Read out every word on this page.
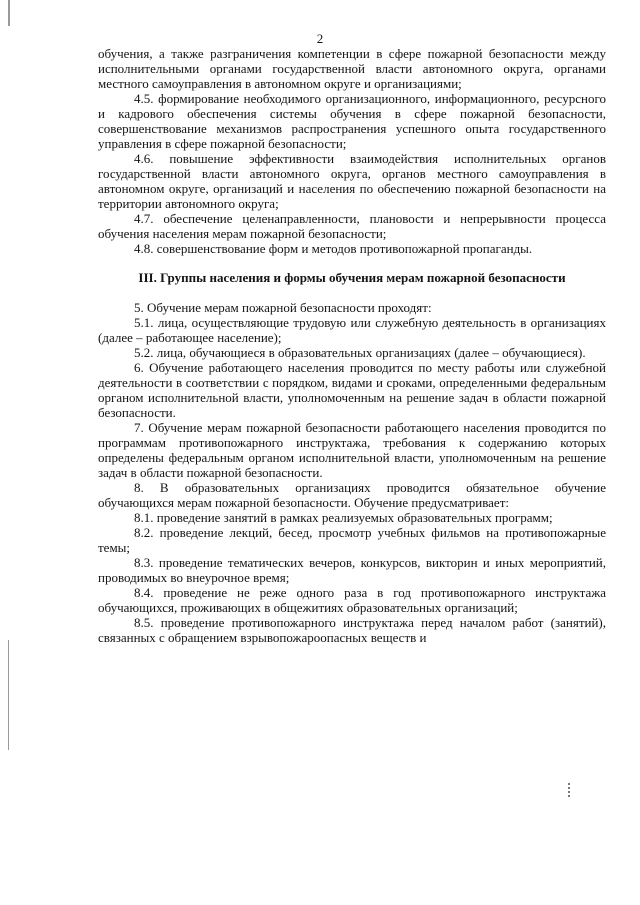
2

обучения, а также разграничения компетенции в сфере пожарной безопасности между исполнительными органами государственной власти автономного округа, органами местного самоуправления в автономном округе и организациями;

4.5. формирование необходимого организационного, информационного, ресурсного и кадрового обеспечения системы обучения в сфере пожарной безопасности, совершенствование механизмов распространения успешного опыта государственного управления в сфере пожарной безопасности;

4.6. повышение эффективности взаимодействия исполнительных органов государственной власти автономного округа, органов местного самоуправления в автономном округе, организаций и населения по обеспечению пожарной безопасности на территории автономного округа;

4.7. обеспечение целенаправленности, плановости и непрерывности процесса обучения населения мерам пожарной безопасности;

4.8. совершенствование форм и методов противопожарной пропаганды.

III. Группы населения и формы обучения мерам пожарной безопасности

5. Обучение мерам пожарной безопасности проходят:

5.1. лица, осуществляющие трудовую или служебную деятельность в организациях (далее – работающее население);

5.2. лица, обучающиеся в образовательных организациях (далее – обучающиеся).

6. Обучение работающего населения проводится по месту работы или служебной деятельности в соответствии с порядком, видами и сроками, определенными федеральным органом исполнительной власти, уполномоченным на решение задач в области пожарной безопасности.

7. Обучение мерам пожарной безопасности работающего населения проводится по программам противопожарного инструктажа, требования к содержанию которых определены федеральным органом исполнительной власти, уполномоченным на решение задач в области пожарной безопасности.

8. В образовательных организациях проводится обязательное обучение обучающихся мерам пожарной безопасности. Обучение предусматривает:

8.1. проведение занятий в рамках реализуемых образовательных программ;

8.2. проведение лекций, бесед, просмотр учебных фильмов на противопожарные темы;

8.3. проведение тематических вечеров, конкурсов, викторин и иных мероприятий, проводимых во внеурочное время;

8.4. проведение не реже одного раза в год противопожарного инструктажа обучающихся, проживающих в общежитиях образовательных организаций;

8.5. проведение противопожарного инструктажа перед началом работ (занятий), связанных с обращением взрывопожароопасных веществ и
